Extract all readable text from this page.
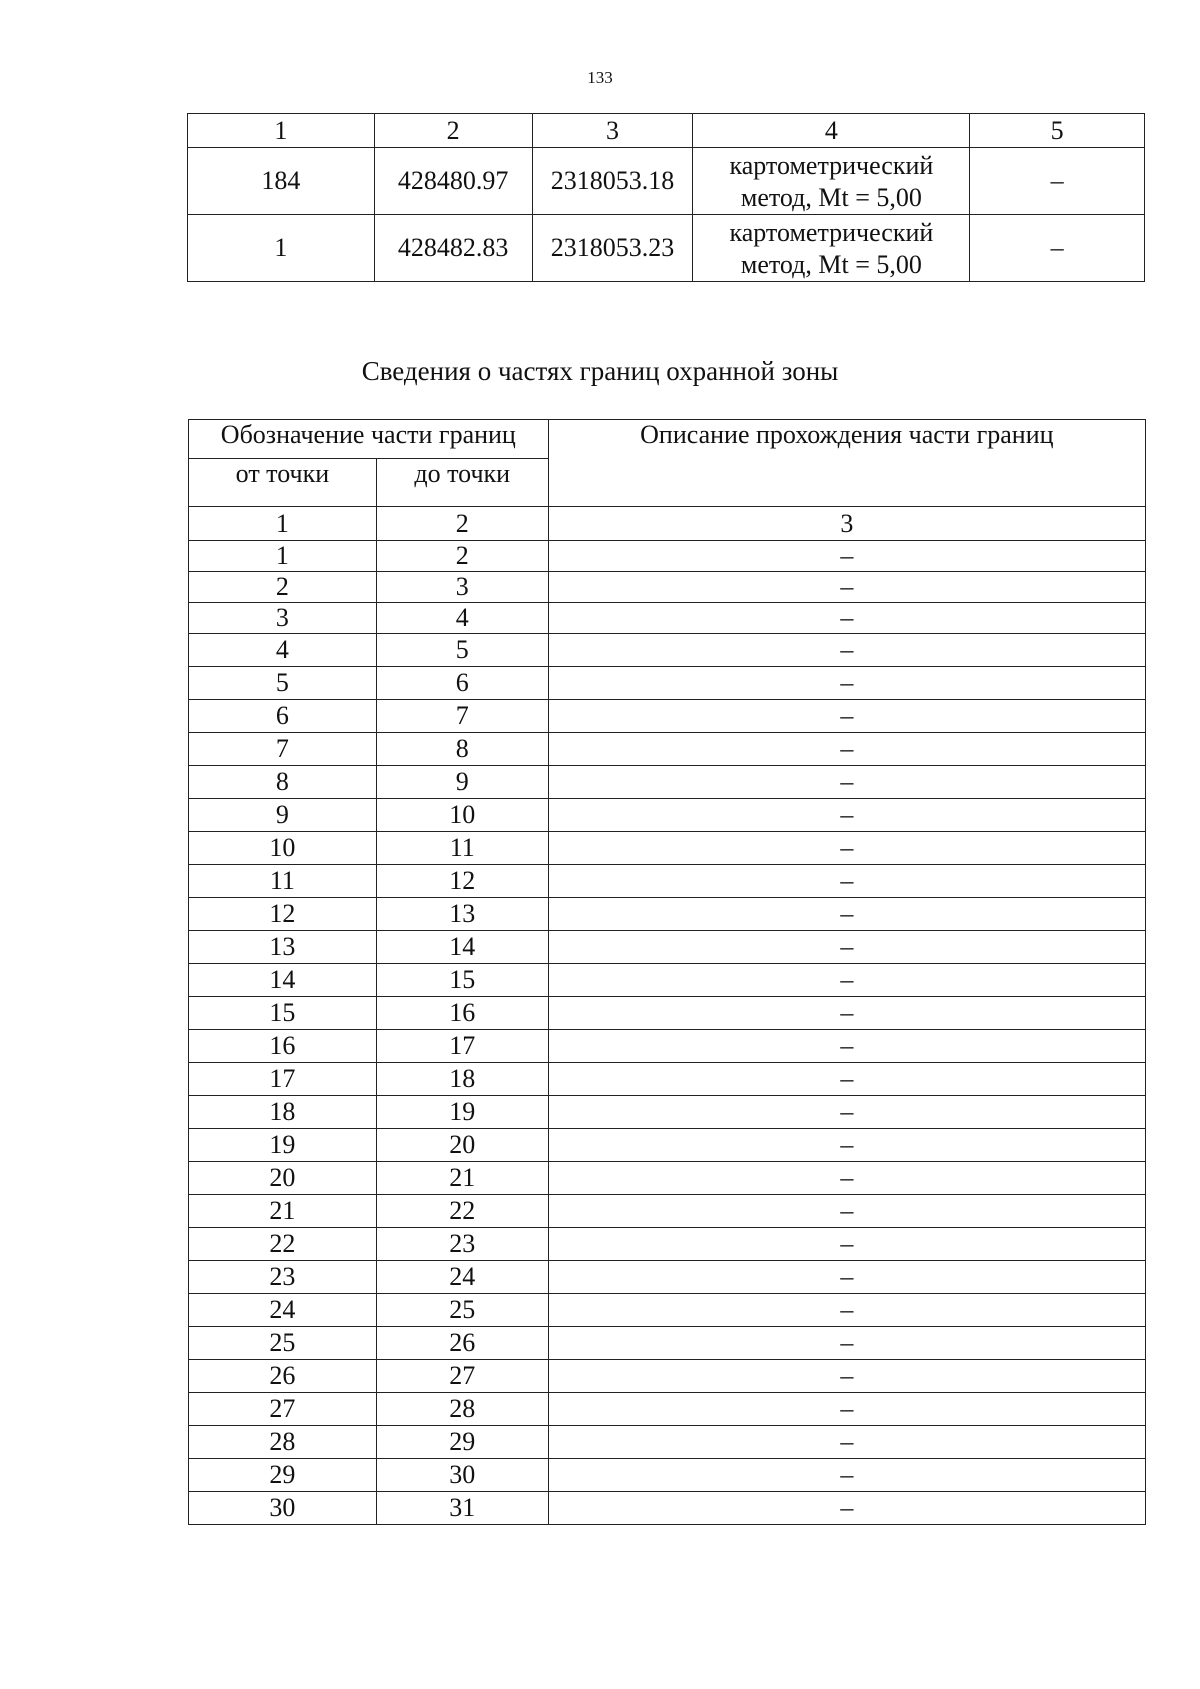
133
1	2	3	4	5
184	428480.97	2318053.18	картометрический метод, Mt = 5,00	–
1	428482.83	2318053.23	картометрический метод, Mt = 5,00	–
Сведения о частях границ охранной зоны
Обозначение части границ		Описание прохождения части границ
от точки	до точки	
1	2	3
1	2	–
2	3	–
3	4	–
4	5	–
5	6	–
6	7	–
7	8	–
8	9	–
9	10	–
10	11	–
11	12	–
12	13	–
13	14	–
14	15	–
15	16	–
16	17	–
17	18	–
18	19	–
19	20	–
20	21	–
21	22	–
22	23	–
23	24	–
24	25	–
25	26	–
26	27	–
27	28	–
28	29	–
29	30	–
30	31	–
